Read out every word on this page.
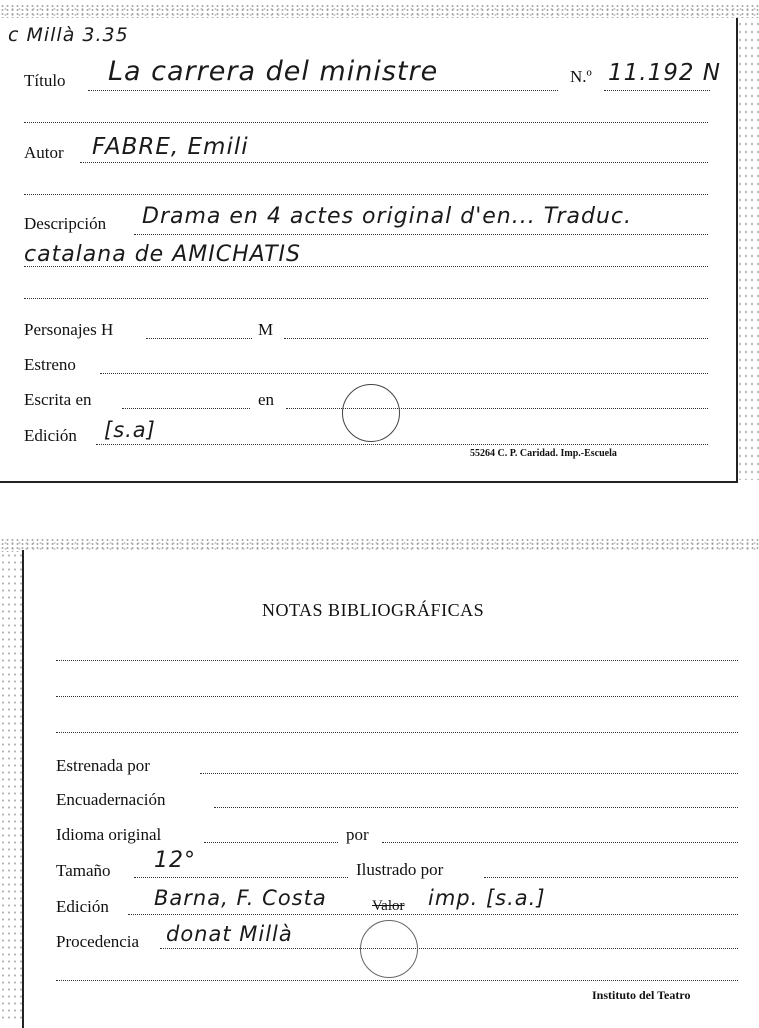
c Millà 3.35
Título La carrera del ministre	N.º 11.192 N
Autor FABRE, Emili
Descripción Drama en 4 actes original d'en... Traduc.
catalana de AMICHATIS
Personajes H	M
Estreno
Escrita en	en
Edición [s.a]
55264 C. P. Caridad. Imp.-Escuela
NOTAS BIBLIOGRÁFICAS
Estrenada por
Encuadernación
Idioma original	por
Tamaño 12°	Ilustrado por
Edición Barna, F. Costa	Valor imp. [s.a.]
Procedencia donat Millà
Instituto del Teatro
